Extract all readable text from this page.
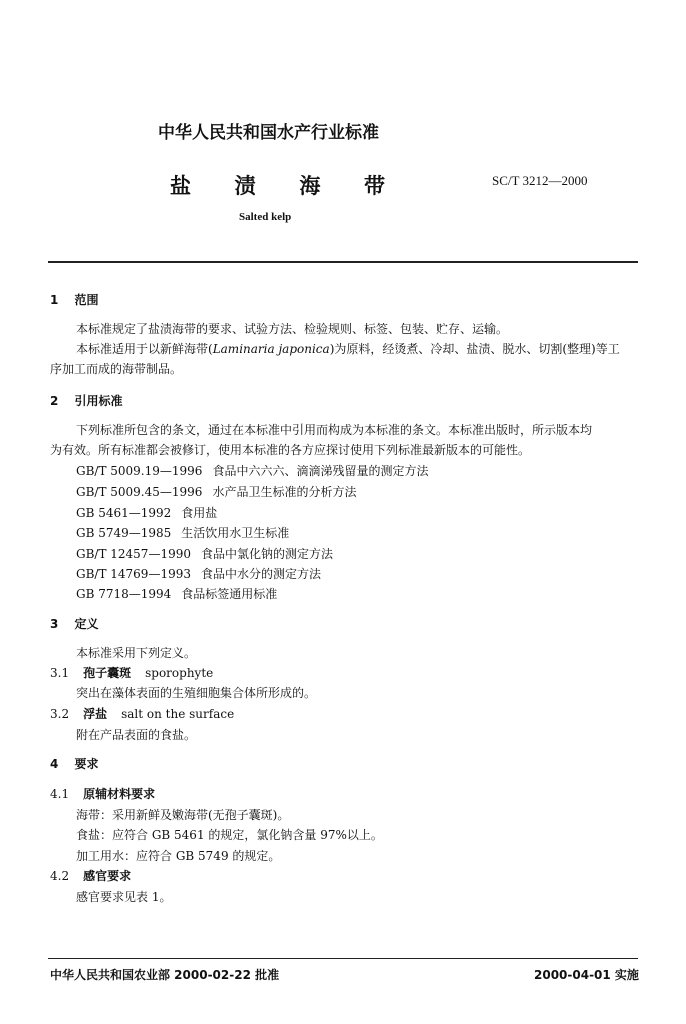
中华人民共和国水产行业标准
盐 渍 海 带	SC/T 3212—2000
Salted kelp
1 范围
本标准规定了盐渍海带的要求、试验方法、检验规则、标签、包装、贮存、运输。
本标准适用于以新鲜海带(Laminaria japonica)为原料，经烫煮、冷却、盐渍、脱水、切割(整理)等工
序加工而成的海带制品。
2 引用标准
下列标准所包含的条文，通过在本标准中引用而构成为本标准的条文。本标准出版时，所示版本均
为有效。所有标准都会被修订，使用本标准的各方应探讨使用下列标准最新版本的可能性。
GB/T 5009.19—1996 食品中六六六、滴滴涕残留量的测定方法
GB/T 5009.45—1996 水产品卫生标准的分析方法
GB 5461—1992 食用盐
GB 5749—1985 生活饮用水卫生标准
GB/T 12457—1990 食品中氯化钠的测定方法
GB/T 14769—1993 食品中水分的测定方法
GB 7718—1994 食品标签通用标准
3 定义
本标准采用下列定义。
3.1 孢子囊斑 sporophyte
突出在藻体表面的生殖细胞集合体所形成的。
3.2 浮盐 salt on the surface
附在产品表面的食盐。
4 要求
4.1 原辅材料要求
海带：采用新鲜及嫩海带(无孢子囊斑)。
食盐：应符合 GB 5461 的规定，氯化钠含量 97%以上。
加工用水：应符合 GB 5749 的规定。
4.2 感官要求
感官要求见表 1。
中华人民共和国农业部 2000-02-22 批准	2000-04-01 实施
